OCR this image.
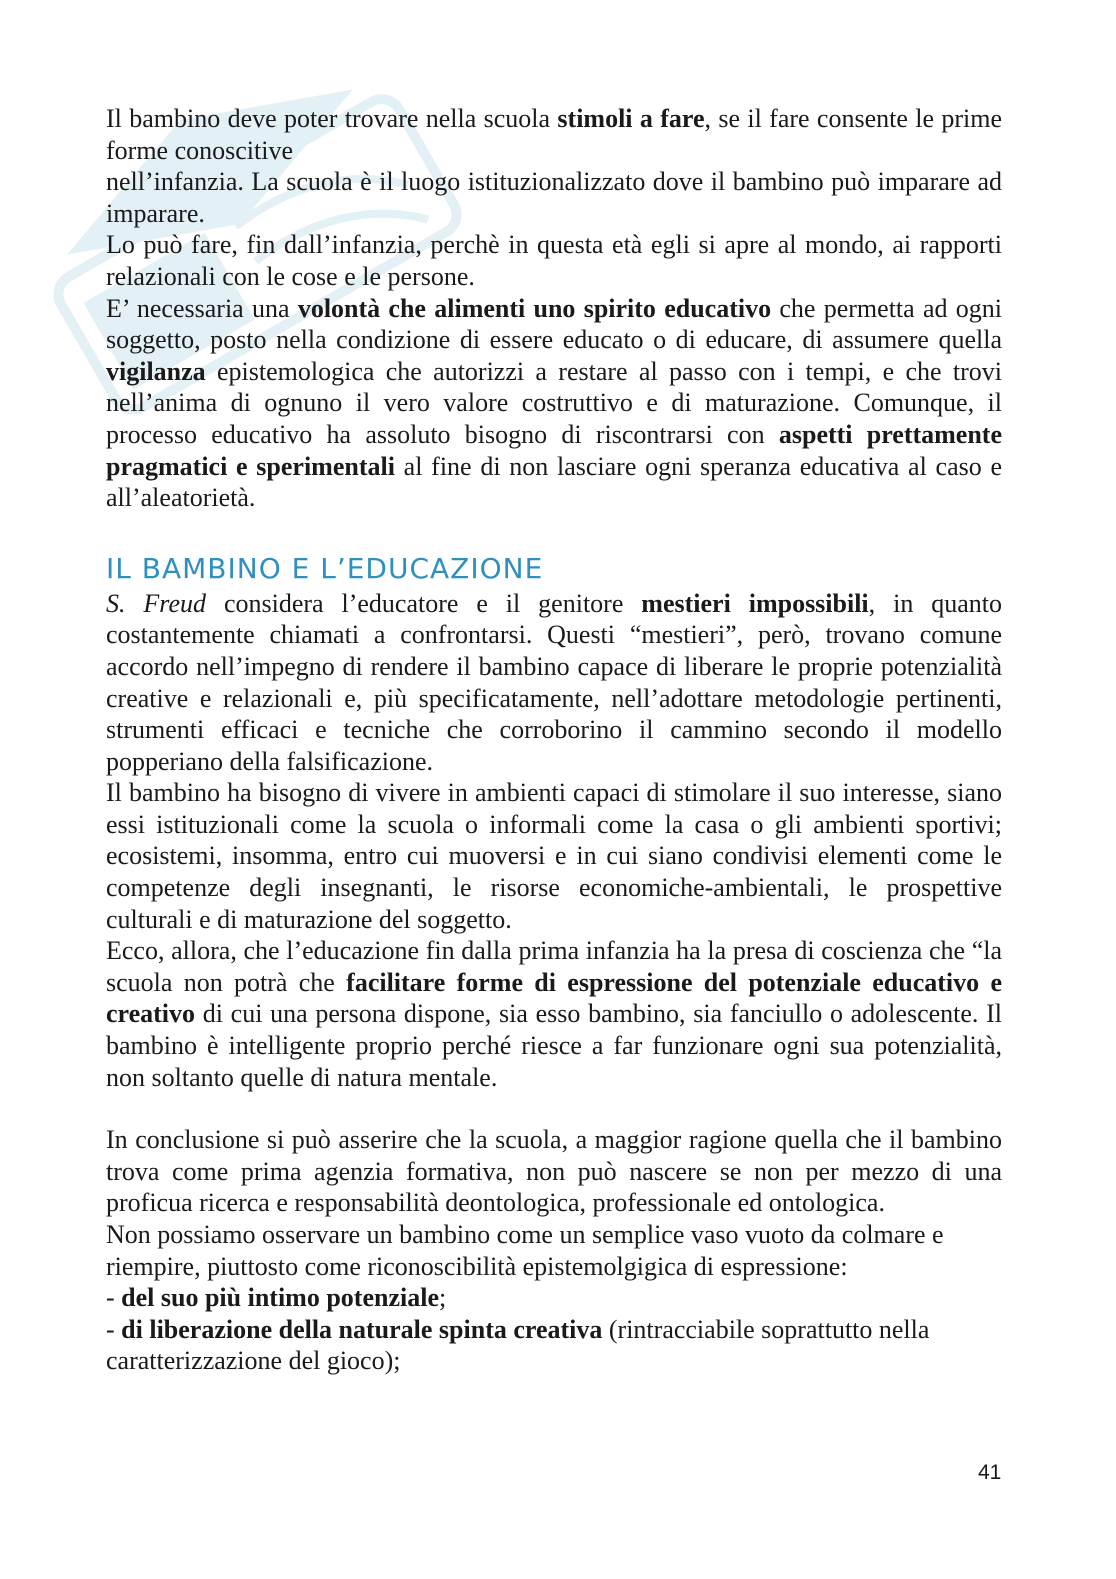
Il bambino deve poter trovare nella scuola stimoli a fare, se il fare consente le prime forme conoscitive

nell’infanzia. La scuola è il luogo istituzionalizzato dove il bambino può imparare ad imparare.

Lo può fare, fin dall’infanzia, perchè in questa età egli si apre al mondo, ai rapporti relazionali con le cose e le persone.

E’ necessaria una volontà che alimenti uno spirito educativo che permetta ad ogni soggetto, posto nella condizione di essere educato o di educare, di assumere quella vigilanza epistemologica che autorizzi a restare al passo con i tempi, e che trovi nell’anima di ognuno il vero valore costruttivo e di maturazione. Comunque, il processo educativo ha assoluto bisogno di riscontrarsi con aspetti prettamente pragmatici e sperimentali al fine di non lasciare ogni speranza educativa al caso e all’aleatorietà.

IL BAMBINO E L’EDUCAZIONE

S. Freud considera l’educatore e il genitore mestieri impossibili, in quanto costantemente chiamati a confrontarsi. Questi “mestieri”, però, trovano comune accordo nell’impegno di rendere il bambino capace di liberare le proprie potenzialità creative e relazionali e, più specificatamente, nell’adottare metodologie pertinenti, strumenti efficaci e tecniche che corroborino il cammino secondo il modello popperiano della falsificazione.

Il bambino ha bisogno di vivere in ambienti capaci di stimolare il suo interesse, siano essi istituzionali come la scuola o informali come la casa o gli ambienti sportivi; ecosistemi, insomma, entro cui muoversi e in cui siano condivisi elementi come le competenze degli insegnanti, le risorse economiche-ambientali, le prospettive culturali e di maturazione del soggetto.

Ecco, allora, che l’educazione fin dalla prima infanzia ha la presa di coscienza che “la scuola non potrà che facilitare forme di espressione del potenziale educativo e creativo di cui una persona dispone, sia esso bambino, sia fanciullo o adolescente. Il bambino è intelligente proprio perché riesce a far funzionare ogni sua potenzialità, non soltanto quelle di natura mentale.

In conclusione si può asserire che la scuola, a maggior ragione quella che il bambino trova come prima agenzia formativa, non può nascere se non per mezzo di una proficua ricerca e responsabilità deontologica, professionale ed ontologica.

Non possiamo osservare un bambino come un semplice vaso vuoto da colmare e riempire, piuttosto come riconoscibilità epistemolgigica di espressione:

- del suo più intimo potenziale;

- di liberazione della naturale spinta creativa (rintracciabile soprattutto nella caratterizzazione del gioco);

41
